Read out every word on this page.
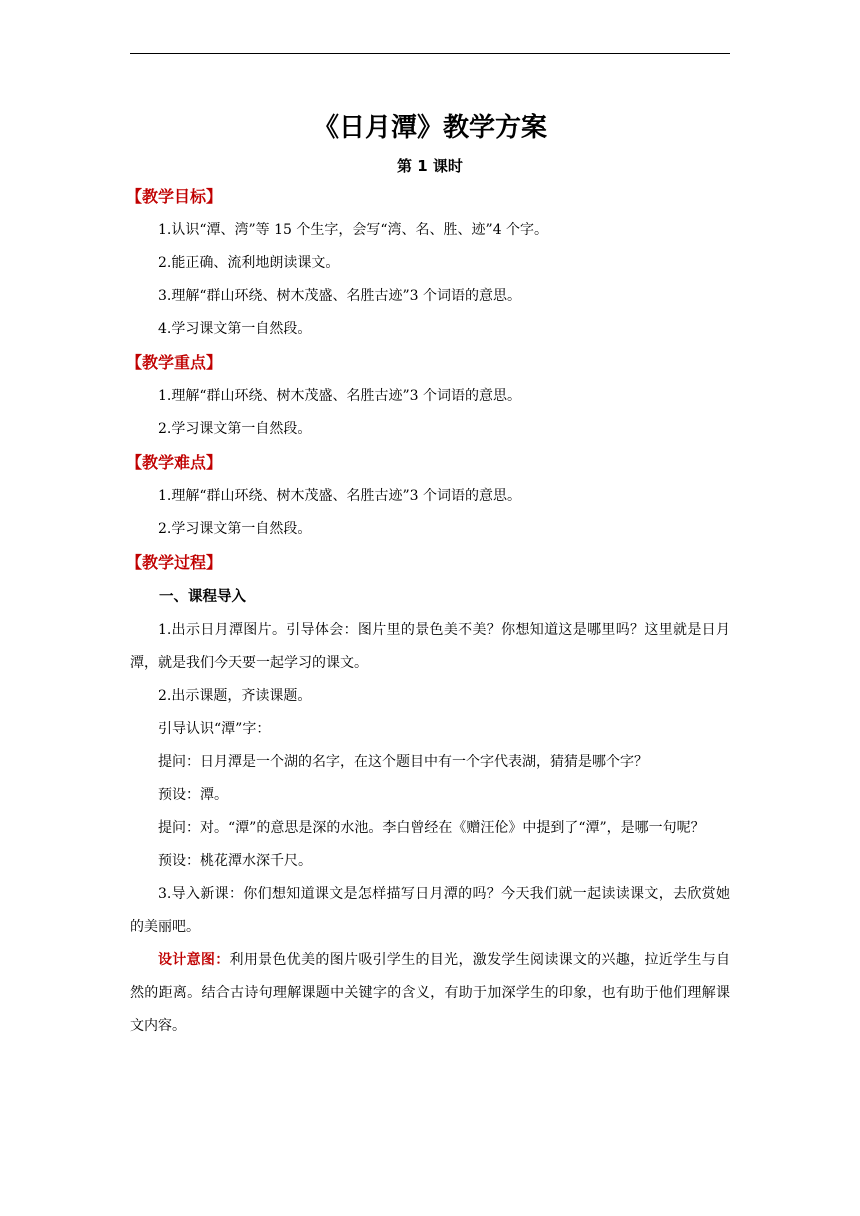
《日月潭》教学方案
第 1 课时
【教学目标】

1.认识“潭、湾”等 15 个生字，会写“湾、名、胜、迹”4 个字。

2.能正确、流利地朗读课文。

3.理解“群山环绕、树木茂盛、名胜古迹”3 个词语的意思。

4.学习课文第一自然段。

【教学重点】

1.理解“群山环绕、树木茂盛、名胜古迹”3 个词语的意思。

2.学习课文第一自然段。

【教学难点】

1.理解“群山环绕、树木茂盛、名胜古迹”3 个词语的意思。

2.学习课文第一自然段。

【教学过程】
一、课程导入

1.出示日月潭图片。引导体会：图片里的景色美不美？你想知道这是哪里吗？这里就是日月潭，就是我们今天要一起学习的课文。

2.出示课题，齐读课题。

引导认识“潭”字：

提问：日月潭是一个湖的名字，在这个题目中有一个字代表湖，猜猜是哪个字？

预设：潭。

提问：对。“潭”的意思是深的水池。李白曾经在《赠汪伦》中提到了“潭”，是哪一句呢？

预设：桃花潭水深千尺。

3.导入新课：你们想知道课文是怎样描写日月潭的吗？今天我们就一起读读课文，去欣赏她的美丽吧。

设计意图：利用景色优美的图片吸引学生的目光，激发学生阅读课文的兴趣，拉近学生与自然的距离。结合古诗句理解课题中关键字的含义，有助于加深学生的印象，也有助于他们理解课文内容。
